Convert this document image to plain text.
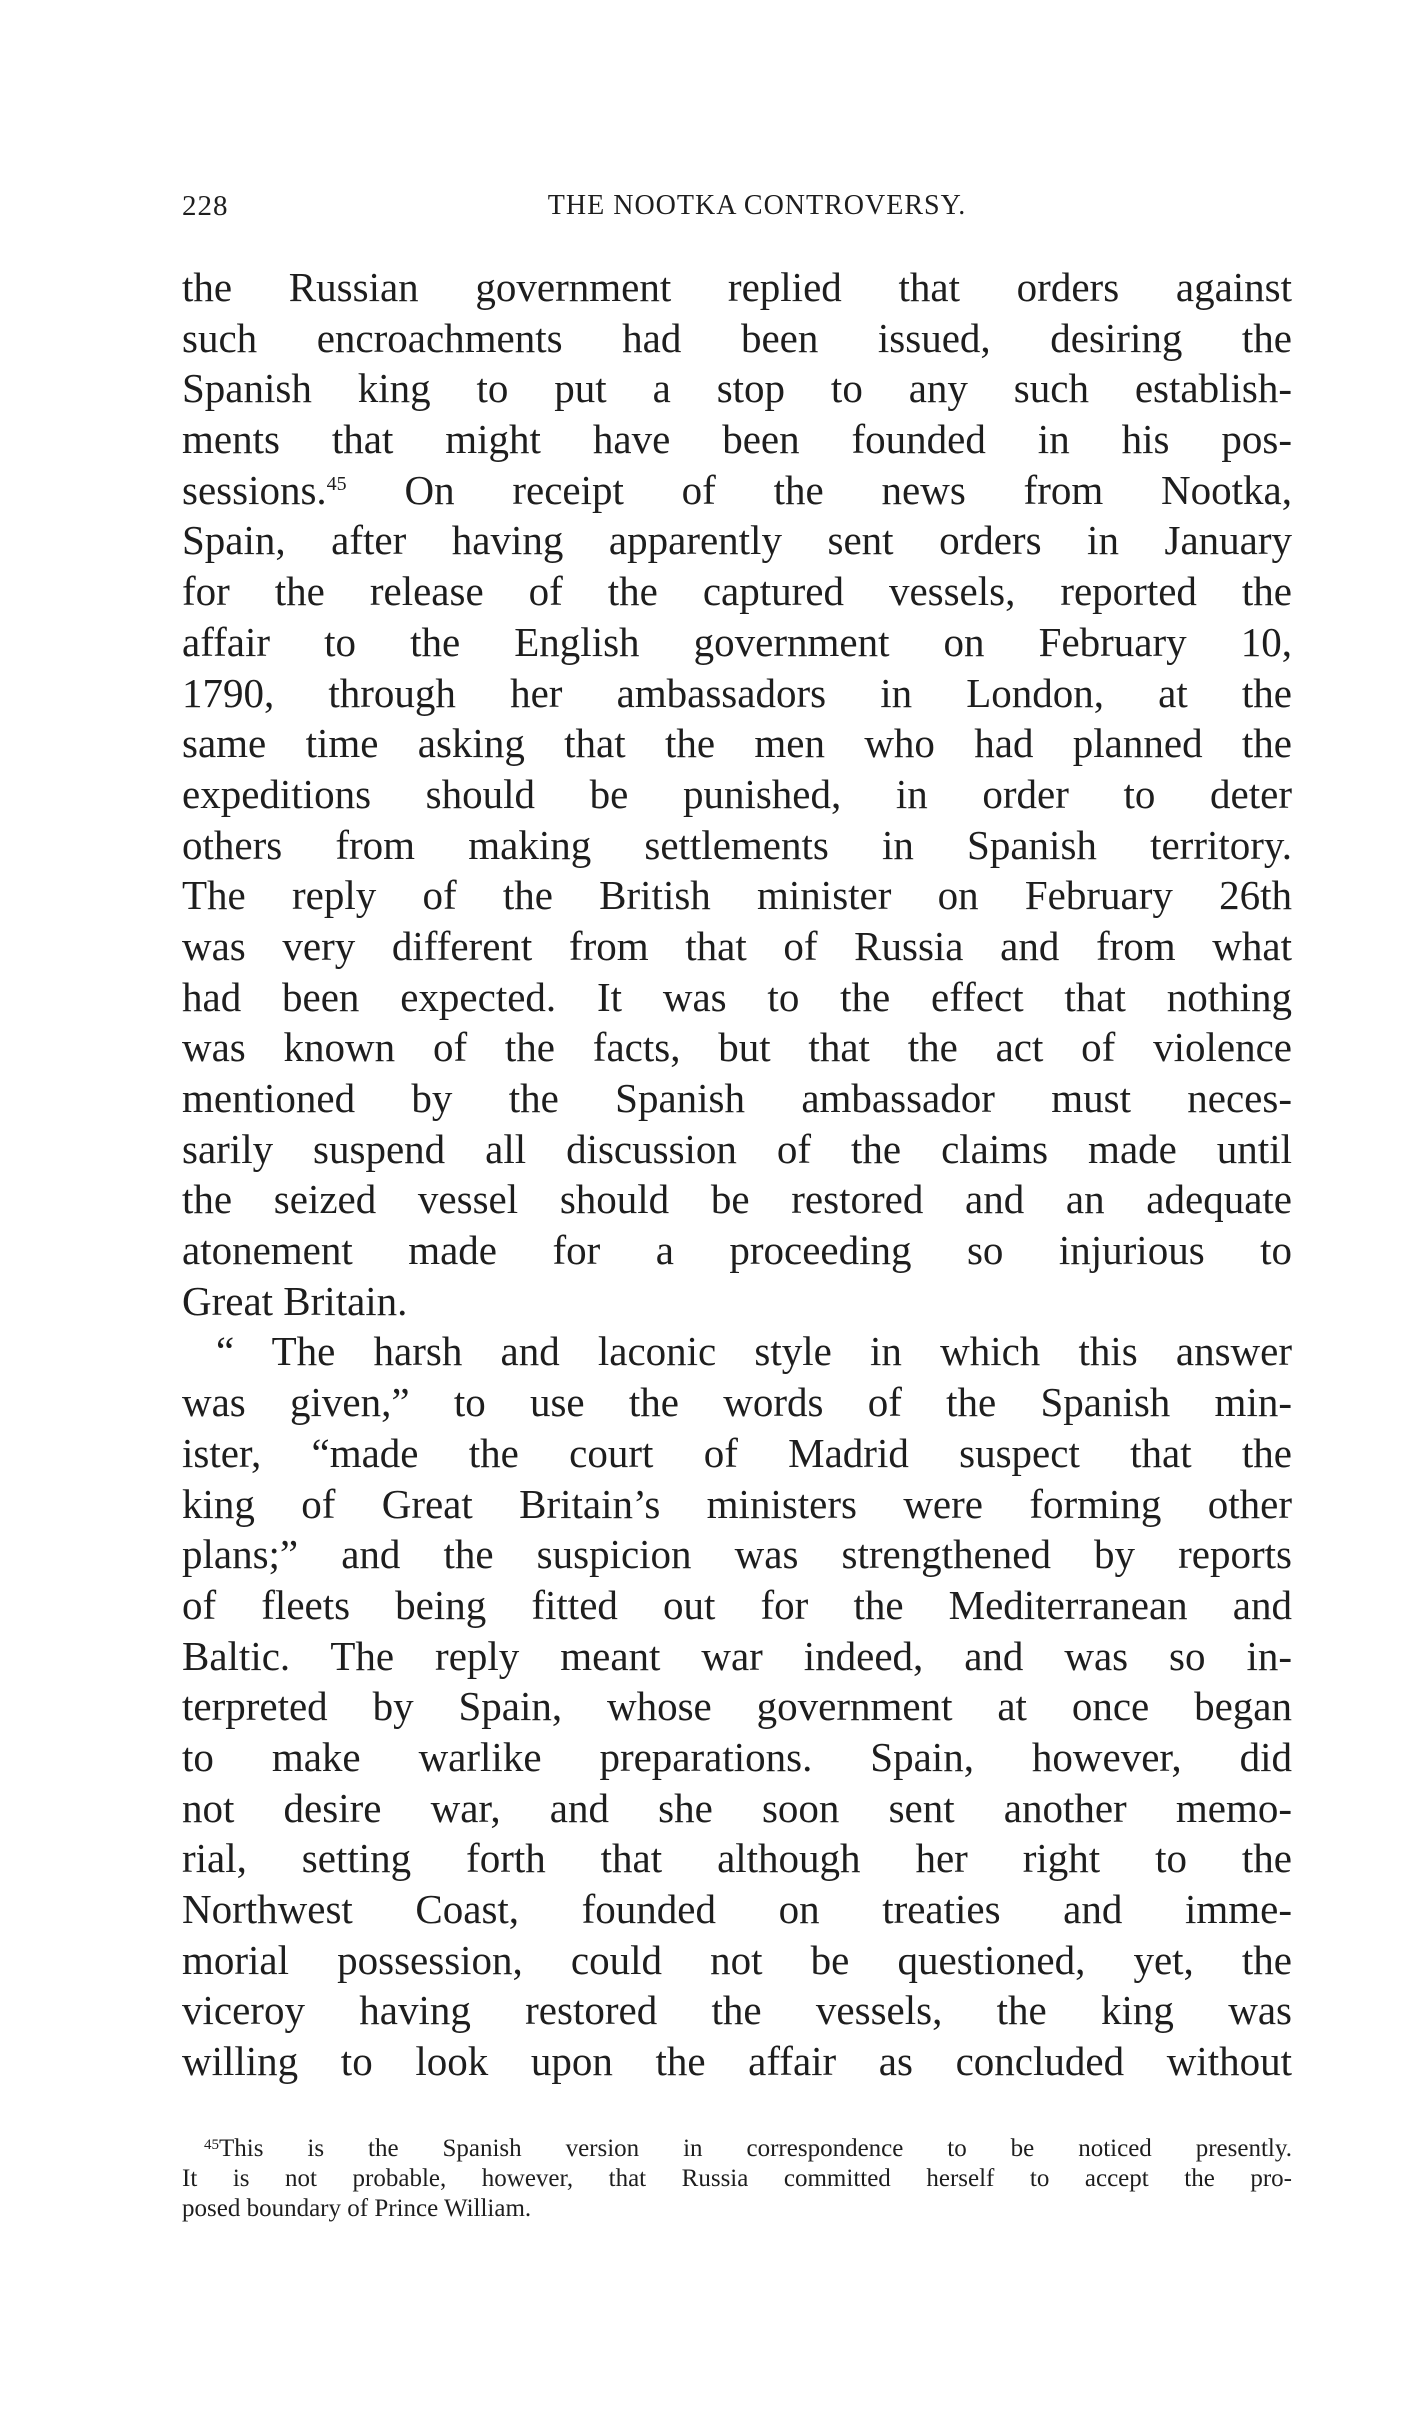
228	THE NOOTKA CONTROVERSY.
the Russian government replied that orders against
such encroachments had been issued, desiring the
Spanish king to put a stop to any such establish-
ments that might have been founded in his pos-
sessions.$^{45}$ On receipt of the news from Nootka,
Spain, after having apparently sent orders in January
for the release of the captured vessels, reported the
affair to the English government on February 10,
1790, through her ambassadors in London, at the
same time asking that the men who had planned the
expeditions should be punished, in order to deter
others from making settlements in Spanish territory.
The reply of the British minister on February 26th
was very different from that of Russia and from what
had been expected. It was to the effect that nothing
was known of the facts, but that the act of violence
mentioned by the Spanish ambassador must neces-
sarily suspend all discussion of the claims made until
the seized vessel should be restored and an adequate
atonement made for a proceeding so injurious to
Great Britain.
“ The harsh and laconic style in which this answer
was given,” to use the words of the Spanish min-
ister, “made the court of Madrid suspect that the
king of Great Britain’s ministers were forming other
plans;” and the suspicion was strengthened by reports
of fleets being fitted out for the Mediterranean and
Baltic. The reply meant war indeed, and was so in-
terpreted by Spain, whose government at once began
to make warlike preparations. Spain, however, did
not desire war, and she soon sent another memo-
rial, setting forth that although her right to the
Northwest Coast, founded on treaties and imme-
morial possession, could not be questioned, yet, the
viceroy having restored the vessels, the king was
willing to look upon the affair as concluded without
$^{45}$This is the Spanish version in correspondence to be noticed presently.
It is not probable, however, that Russia committed herself to accept the pro-
posed boundary of Prince William.
